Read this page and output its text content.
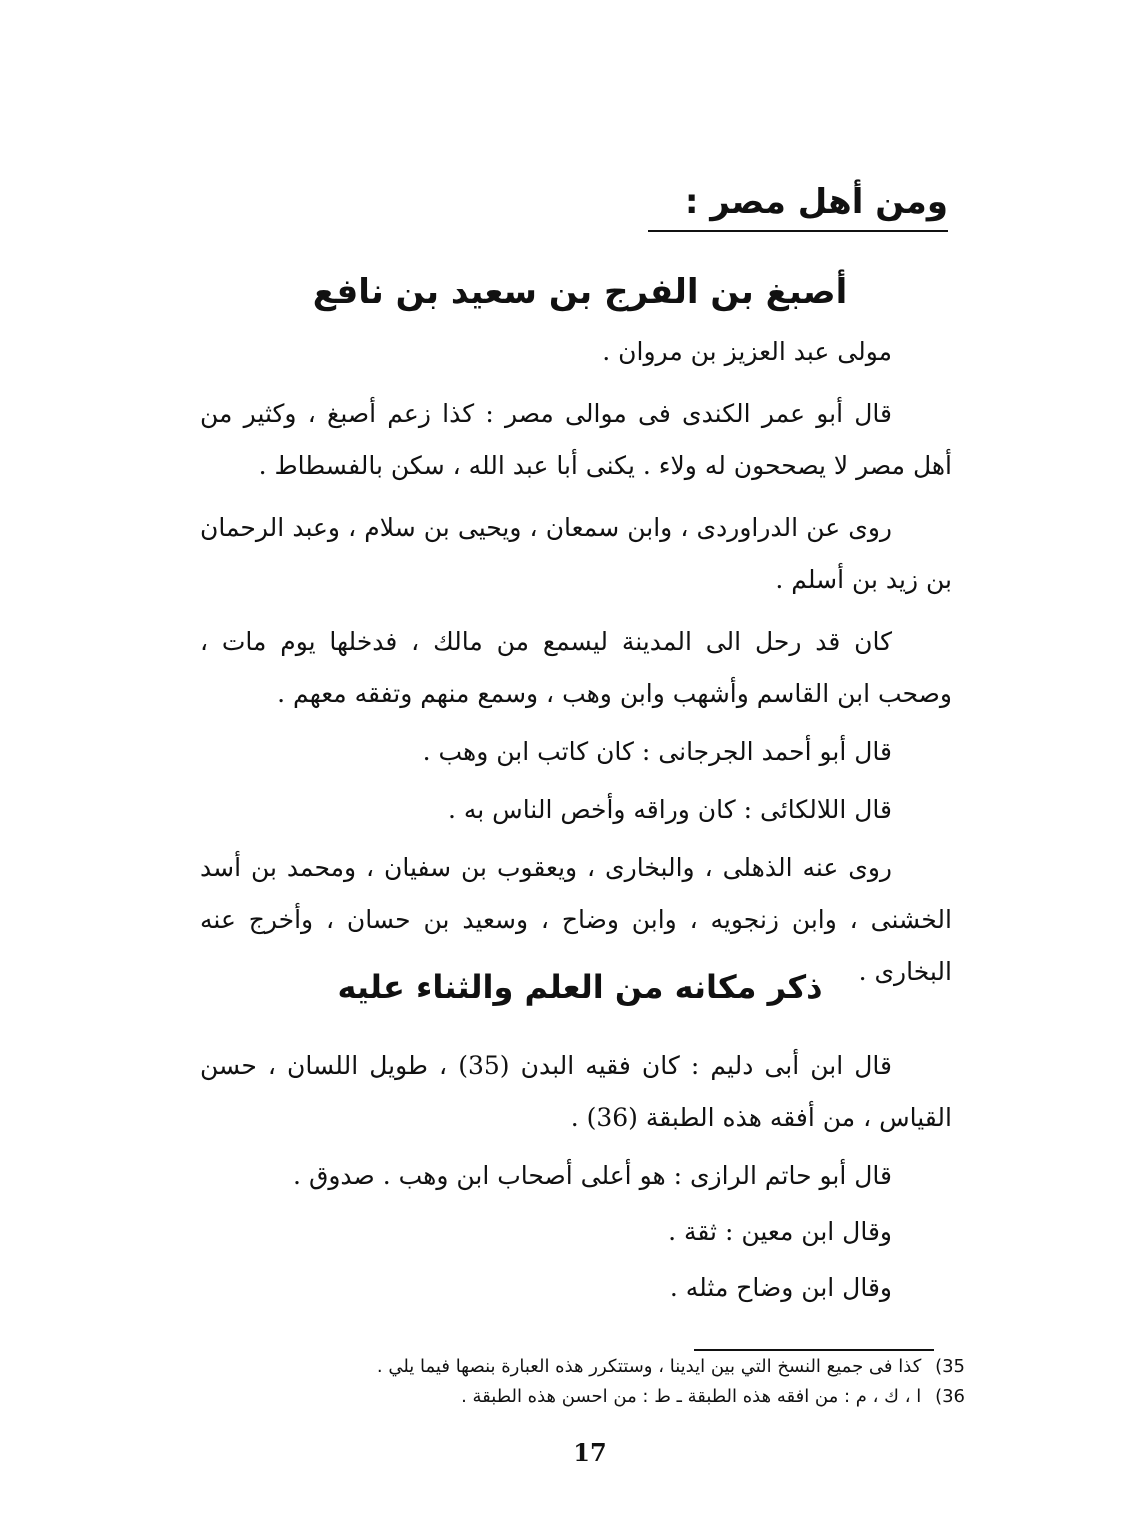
ومن أهل مصر :
أصبغ بن الفرج بن سعيد بن نافع

مولى عبد العزيز بن مروان .

قال أبو عمر الكندى فى موالى مصر : كذا زعم أصبغ ، وكثير من أهل مصر لا يصححون له ولاء . يكنى أبا عبد الله ، سكن بالفسطاط .

روى عن الدراوردى ، وابن سمعان ، ويحيى بن سلام ، وعبد الرحمان بن زيد بن أسلم .

كان قد رحل الى المدينة ليسمع من مالك ، فدخلها يوم مات ، وصحب ابن القاسم وأشهب وابن وهب ، وسمع منهم وتفقه معهم .

قال أبو أحمد الجرجانى : كان كاتب ابن وهب .

قال اللالكائى : كان وراقه وأخص الناس به .

روى عنه الذهلى ، والبخارى ، ويعقوب بن سفيان ، ومحمد بن أسد الخشنى ، وابن زنجويه ، وابن وضاح ، وسعيد بن حسان ، وأخرج عنه البخارى .

ذكر مكانه من العلم والثناء عليه

قال ابن أبى دليم : كان فقيه البدن (35) ، طويل اللسان ، حسن القياس ، من أفقه هذه الطبقة (36) .

قال أبو حاتم الرازى : هو أعلى أصحاب ابن وهب . صدوق .

وقال ابن معين : ثقة .

وقال ابن وضاح مثله .

35) كذا فى جميع النسخ التي بين ايدينا ، وستتكرر هذه العبارة بنصها فيما يلي .
36) ا ، ك ، م : من افقه هذه الطبقة ـ ط : من احسن هذه الطبقة .
17
